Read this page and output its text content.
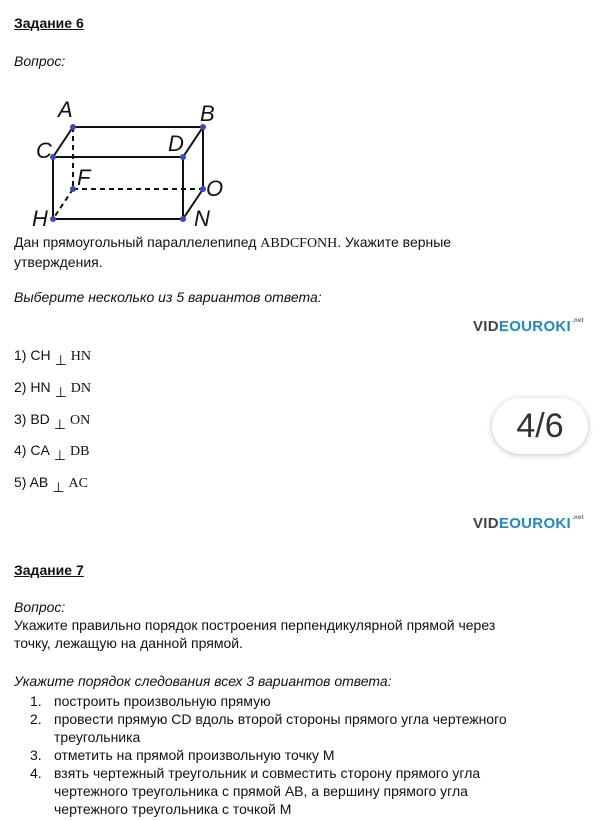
Задание 6
Вопрос:
A	B
C	D
F	O
H	N
Дан прямоугольный параллелепипед ABDCFONH. Укажите верные
утверждения.
Выберите несколько из 5 вариантов ответа:
$VIDEOUROKI^{.net}$
1) CH ⊥ HN
2) HN ⊥ DN
3) BD ⊥ ON
4) CA ⊥ DB
5) AB ⊥ AC
4/6
$VIDEOUROKI^{.net}$
Задание 7
Вопрос:
Укажите правильно порядок построения перпендикулярной прямой через
точку, лежащую на данной прямой.
Укажите порядок следования всех 3 вариантов ответа:
1. построить произвольную прямую
2. провести прямую CD вдоль второй стороны прямого угла чертежного
треугольника
3. отметить на прямой произвольную точку M
4. взять чертежный треугольник и совместить сторону прямого угла
чертежного треугольника с прямой AB, а вершину прямого угла
чертежного треугольника с точкой M
